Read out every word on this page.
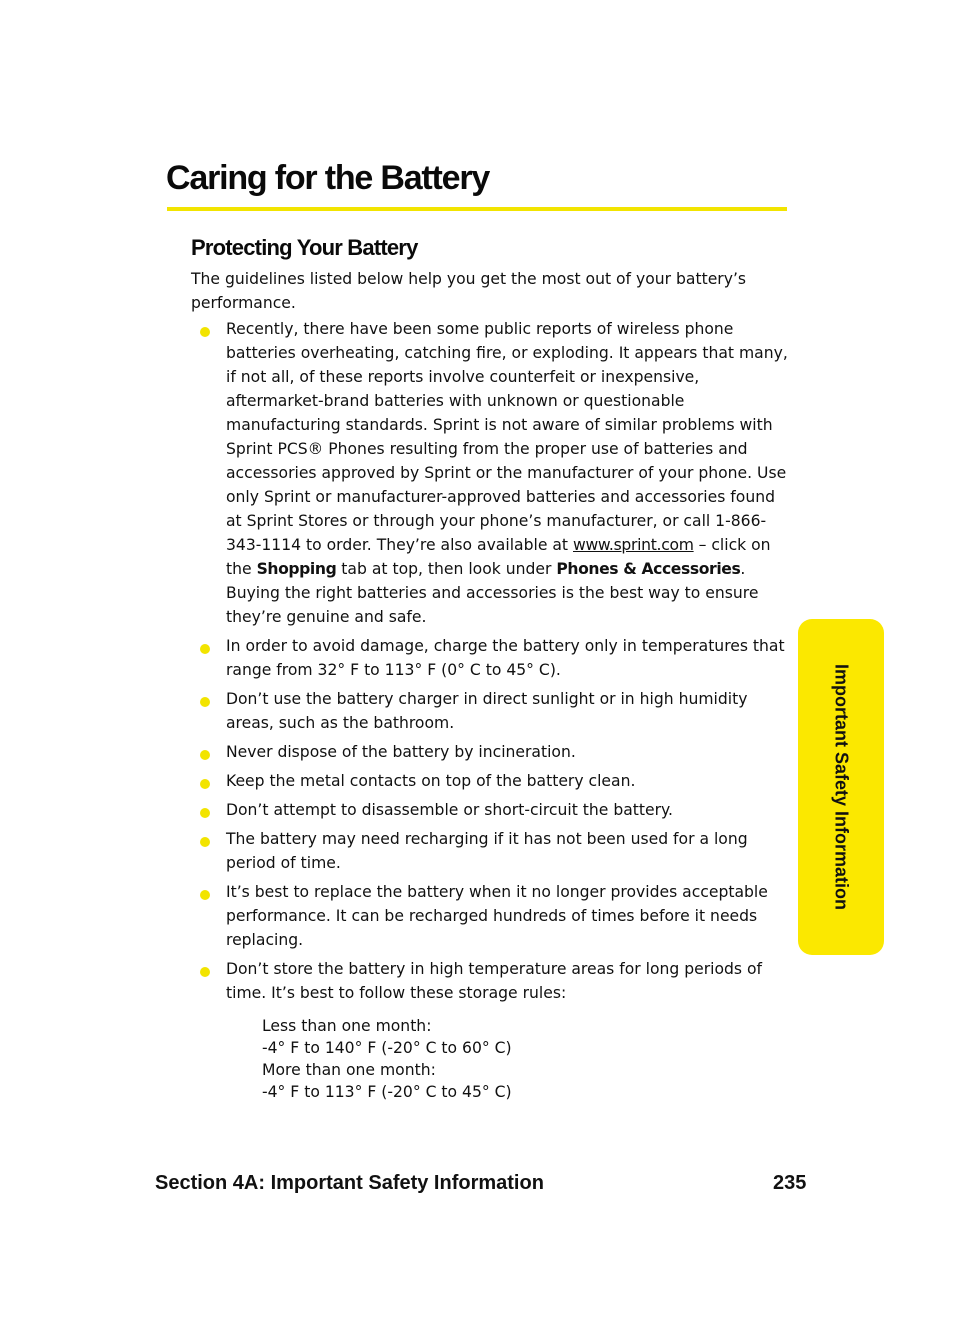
Caring for the Battery
Protecting Your Battery

The guidelines listed below help you get the most out of your battery’s performance.

Recently, there have been some public reports of wireless phone batteries overheating, catching fire, or exploding. It appears that many, if not all, of these reports involve counterfeit or inexpensive, aftermarket-brand batteries with unknown or questionable manufacturing standards. Sprint is not aware of similar problems with Sprint PCS® Phones resulting from the proper use of batteries and accessories approved by Sprint or the manufacturer of your phone. Use only Sprint or manufacturer-approved batteries and accessories found at Sprint Stores or through your phone’s manufacturer, or call 1-866-343-1114 to order. They’re also available at www.sprint.com – click on the Shopping tab at top, then look under Phones & Accessories. Buying the right batteries and accessories is the best way to ensure they’re genuine and safe.
In order to avoid damage, charge the battery only in temperatures that range from 32° F to 113° F (0° C to 45° C).
Don’t use the battery charger in direct sunlight or in high humidity areas, such as the bathroom.
Never dispose of the battery by incineration.
Keep the metal contacts on top of the battery clean.
Don’t attempt to disassemble or short-circuit the battery.
The battery may need recharging if it has not been used for a long period of time.
It’s best to replace the battery when it no longer provides acceptable performance. It can be recharged hundreds of times before it needs replacing.
Don’t store the battery in high temperature areas for long periods of time. It’s best to follow these storage rules:
Less than one month:
-4° F to 140° F (-20° C to 60° C)
More than one month:
-4° F to 113° F (-20° C to 45° C)
Important Safety Information
Section 4A: Important Safety Information	235
